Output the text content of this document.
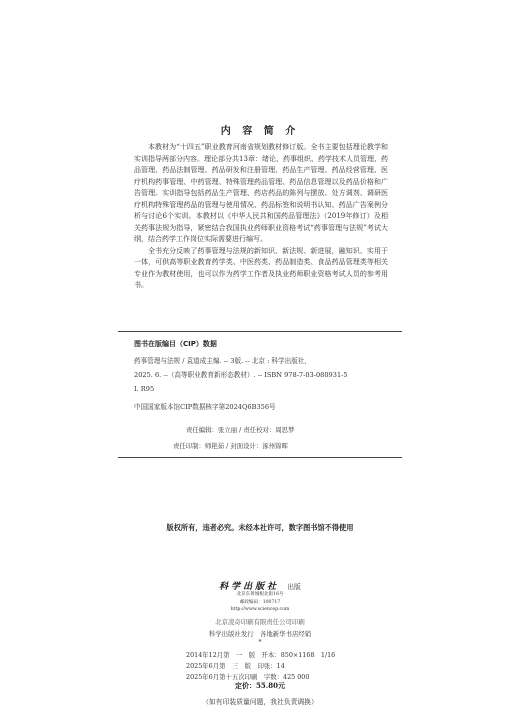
内 容 简 介

本教材为“十四五”职业教育河南省规划教材修订版。全书主要包括理论教学和实训指导两部分内容。理论部分共13章：绪论、药事组织、药学技术人员管理、药品管理、药品法制管理、药品研发和注册管理、药品生产管理、药品经营管理、医疗机构药事管理、中药管理、特殊管理药品管理、药品信息管理以及药品价格和广告管理。实训指导包括药品生产管理、药店药品的陈列与摆放、处方调剂、调研医疗机构特殊管理药品的管理与使用情况、药品标签和说明书认知、药品广告案例分析与讨论6个实训。本教材以《中华人民共和国药品管理法》（2019年修订）及相关药事法规为指导，紧密结合我国执业药师职业资格考试“药事管理与法规”考试大纲，结合药学工作岗位实际需要进行编写。

全书充分反映了药事管理与法规的新知识、新法规、新进展，融知识、实用于一体，可供高等职业教育药学类、中医药类、药品制造类、食品药品管理类等相关专业作为教材使用，也可以作为药学工作者及执业药师职业资格考试人员的参考用书。

图书在版编目（CIP）数据
药事管理与法规 / 袁道成主编. -- 3版. -- 北京 : 科学出版社,
2025. 6. --（高等职业教育新形态教材）. -- ISBN 978-7-03-080931-5
Ⅰ. R95
中国国家版本馆CIP数据核字第2024Q6B356号
责任编辑：张立丽 / 责任校对：周思梦
责任印制：师艳茹 / 封面设计：涿州锦晖
版权所有，违者必究。未经本社许可，数字图书馆不得使用
科学出版社 出版
北京东黄城根北街16号
邮政编码：100717
http://www.sciencep.com
北京凌奇印刷有限责任公司印刷
科学出版社发行　各地新华书店经销
*
2014年12月第　一　版　开本：850×1168　1/16
2025年6月第　三　版　印张：14
2025年6月第十五次印刷　字数：425 000
定价：55.80元
（如有印装质量问题，我社负责调换）
